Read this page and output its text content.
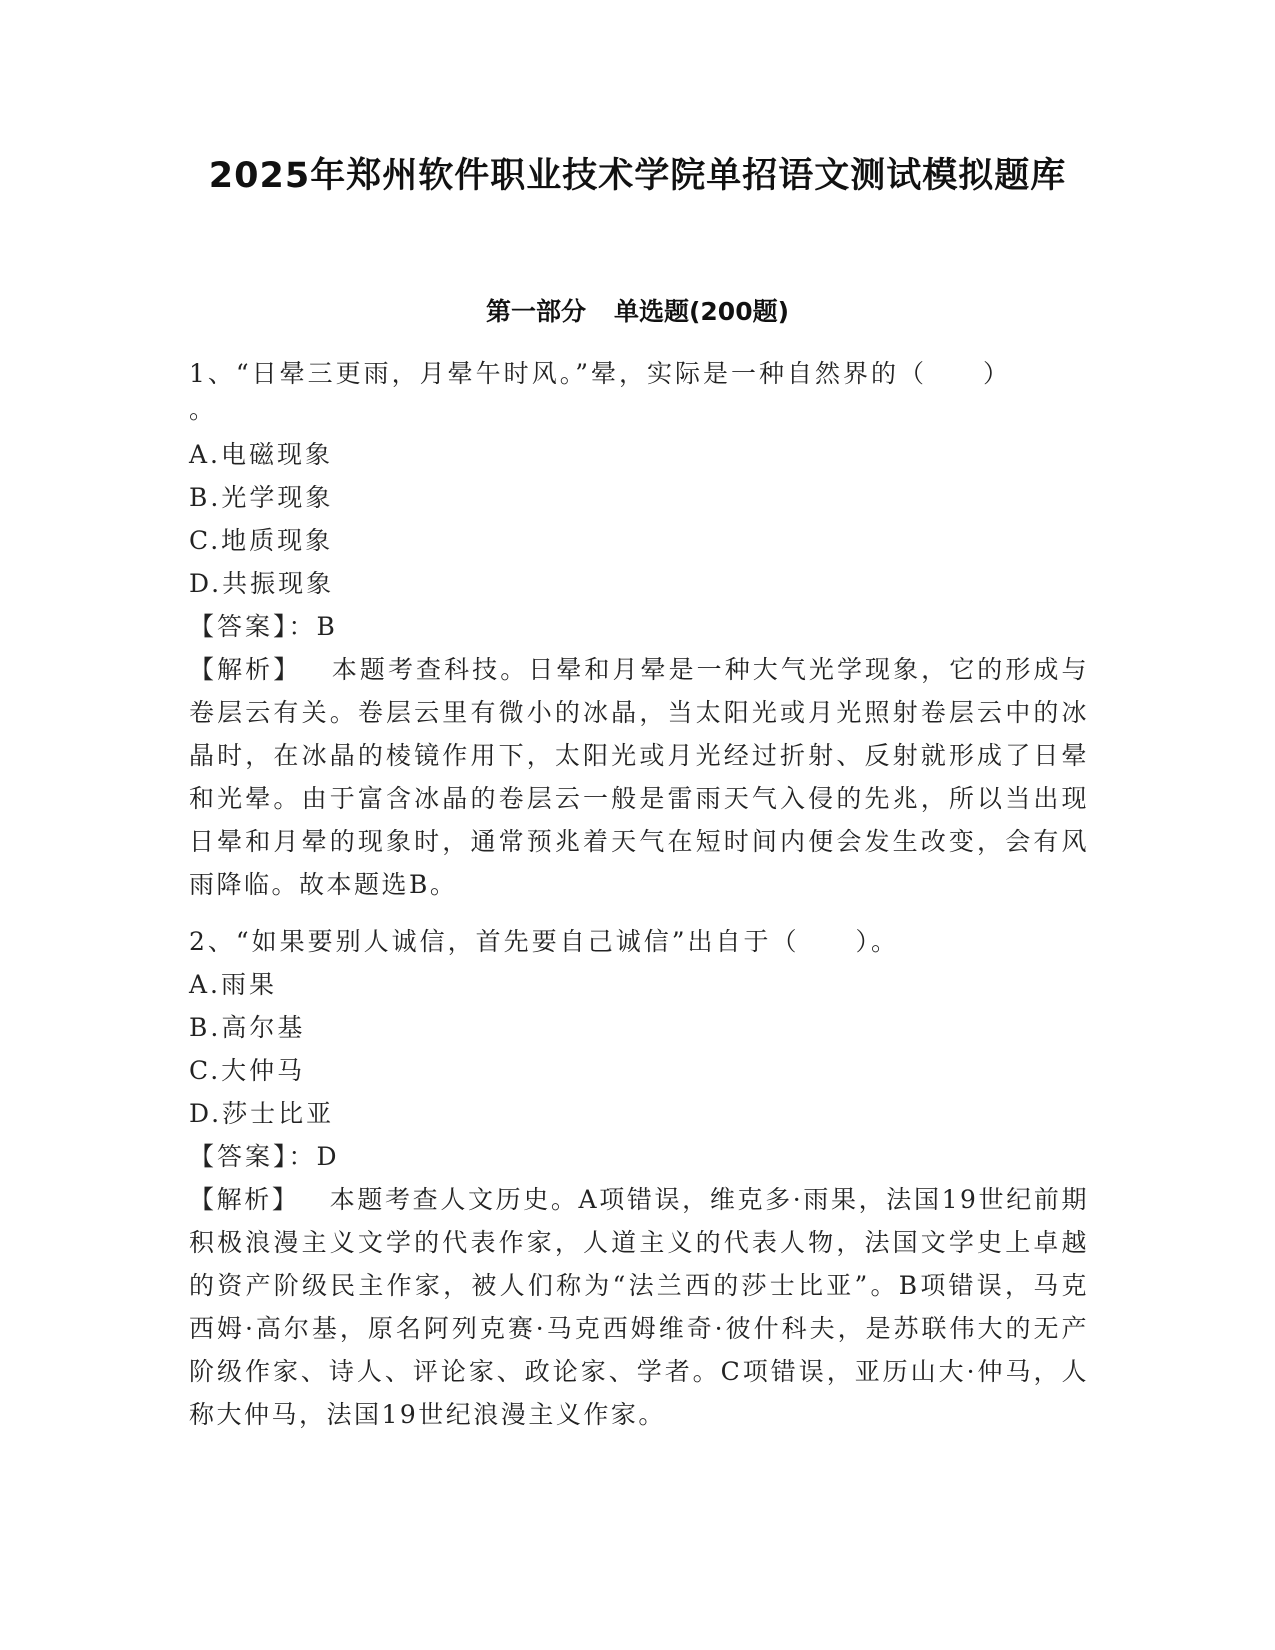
2025年郑州软件职业技术学院单招语文测试模拟题库
第一部分 单选题(200题)
1、“日晕三更雨，月晕午时风。”晕，实际是一种自然界的（　　）
。
A.电磁现象
B.光学现象
C.地质现象
D.共振现象
【答案】：B
【解析】 本题考查科技。日晕和月晕是一种大气光学现象，它的形成与卷层云有关。卷层云里有微小的冰晶，当太阳光或月光照射卷层云中的冰晶时，在冰晶的棱镜作用下，太阳光或月光经过折射、反射就形成了日晕和光晕。由于富含冰晶的卷层云一般是雷雨天气入侵的先兆，所以当出现日晕和月晕的现象时，通常预兆着天气在短时间内便会发生改变，会有风雨降临。故本题选B。
2、“如果要别人诚信，首先要自己诚信”出自于（　　）。
A.雨果
B.高尔基
C.大仲马
D.莎士比亚
【答案】：D
【解析】 本题考查人文历史。A项错误，维克多·雨果，法国19世纪前期积极浪漫主义文学的代表作家，人道主义的代表人物，法国文学史上卓越的资产阶级民主作家，被人们称为“法兰西的莎士比亚”。B项错误，马克西姆·高尔基，原名阿列克赛·马克西姆维奇·彼什科夫，是苏联伟大的无产阶级作家、诗人、评论家、政论家、学者。C项错误，亚历山大·仲马，人称大仲马，法国19世纪浪漫主义作家。
